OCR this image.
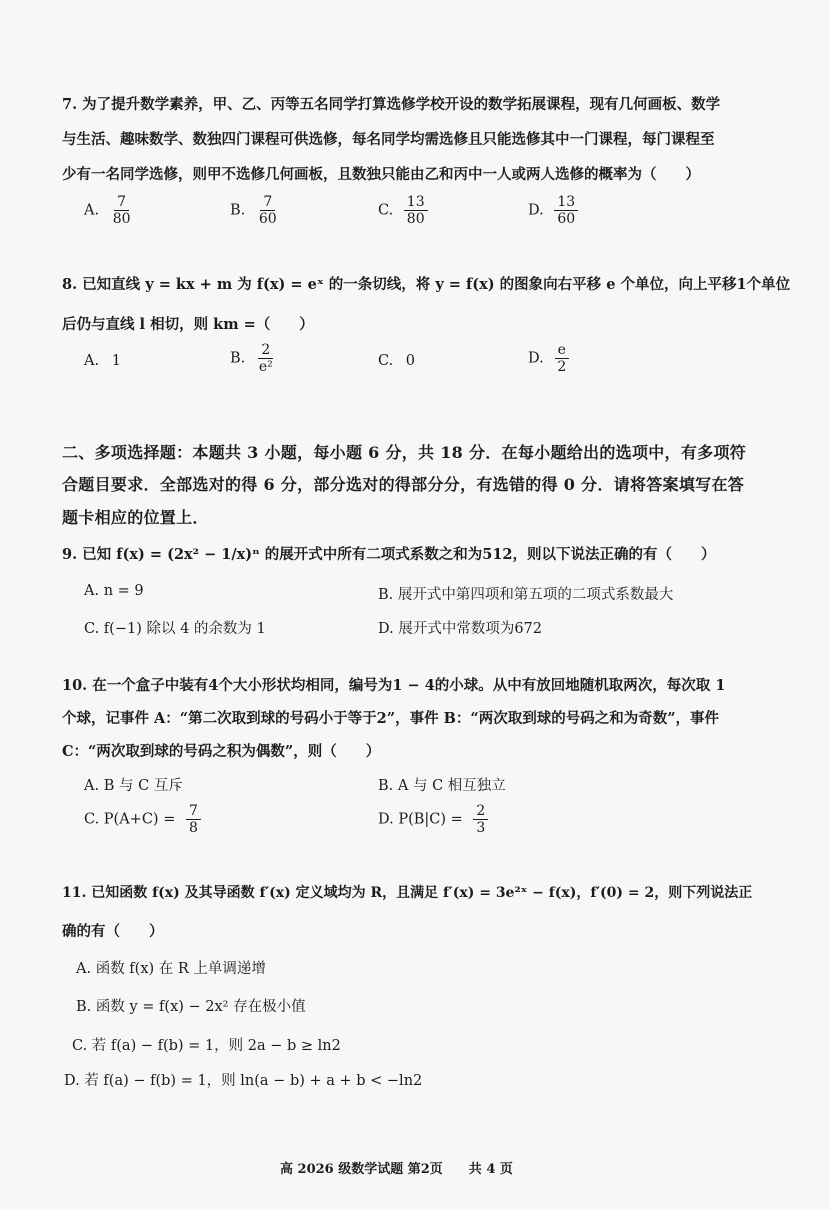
7. 为了提升数学素养，甲、乙、丙等五名同学打算选修学校开设的数学拓展课程，现有几何画板、数学
与生活、趣味数学、数独四门课程可供选修，每名同学均需选修且只能选修其中一门课程，每门课程至
少有一名同学选修，则甲不选修几何画板，且数独只能由乙和丙中一人或两人选修的概率为（　　）
A. $\frac{7}{80}$	B. $\frac{7}{60}$	C. $\frac{13}{80}$	D. $\frac{13}{60}$
8. 已知直线 y = kx + m 为 f(x) = eˣ 的一条切线，将 y = f(x) 的图象向右平移 e 个单位，向上平移1个单位
后仍与直线 l 相切，则 km =（　　）
A. 1	B. $\frac{2}{\text{e²}}$	C. 0	D. $\frac{e}{2}$
二、多项选择题：本题共 3 小题，每小题 6 分，共 18 分．在每小题给出的选项中，有多项符
合题目要求．全部选对的得 6 分，部分选对的得部分分，有选错的得 0 分．请将答案填写在答
题卡相应的位置上．
9. 已知 f(x) = (2x² − 1/x)ⁿ 的展开式中所有二项式系数之和为512，则以下说法正确的有（　　）
A. n = 9	B. 展开式中第四项和第五项的二项式系数最大
C. f(−1) 除以 4 的余数为 1	D. 展开式中常数项为672
10. 在一个盒子中装有4个大小形状均相同，编号为1 − 4的小球。从中有放回地随机取两次，每次取 1
个球，记事件 A：“第二次取到球的号码小于等于2”，事件 B：“两次取到球的号码之和为奇数”，事件
C：“两次取到球的号码之积为偶数”，则（　　）
A. B 与 C 互斥	B. A 与 C 相互独立
C. $P(A+C) = \frac{7}{8}$	D. $P(B|C) = \frac{2}{3}$
11. 已知函数 f(x) 及其导函数 f′(x) 定义域均为 R，且满足 f′(x) = 3e²ˣ − f(x)，f′(0) = 2，则下列说法正
确的有（　　）
A. 函数 f(x) 在 R 上单调递增
B. 函数 y = f(x) − 2x² 存在极小值
C. 若 f(a) − f(b) = 1，则 2a − b ≥ ln2
D. 若 f(a) − f(b) = 1，则 ln(a − b) + a + b < −ln2
高 2026 级数学试题 第2页　　共 4 页
